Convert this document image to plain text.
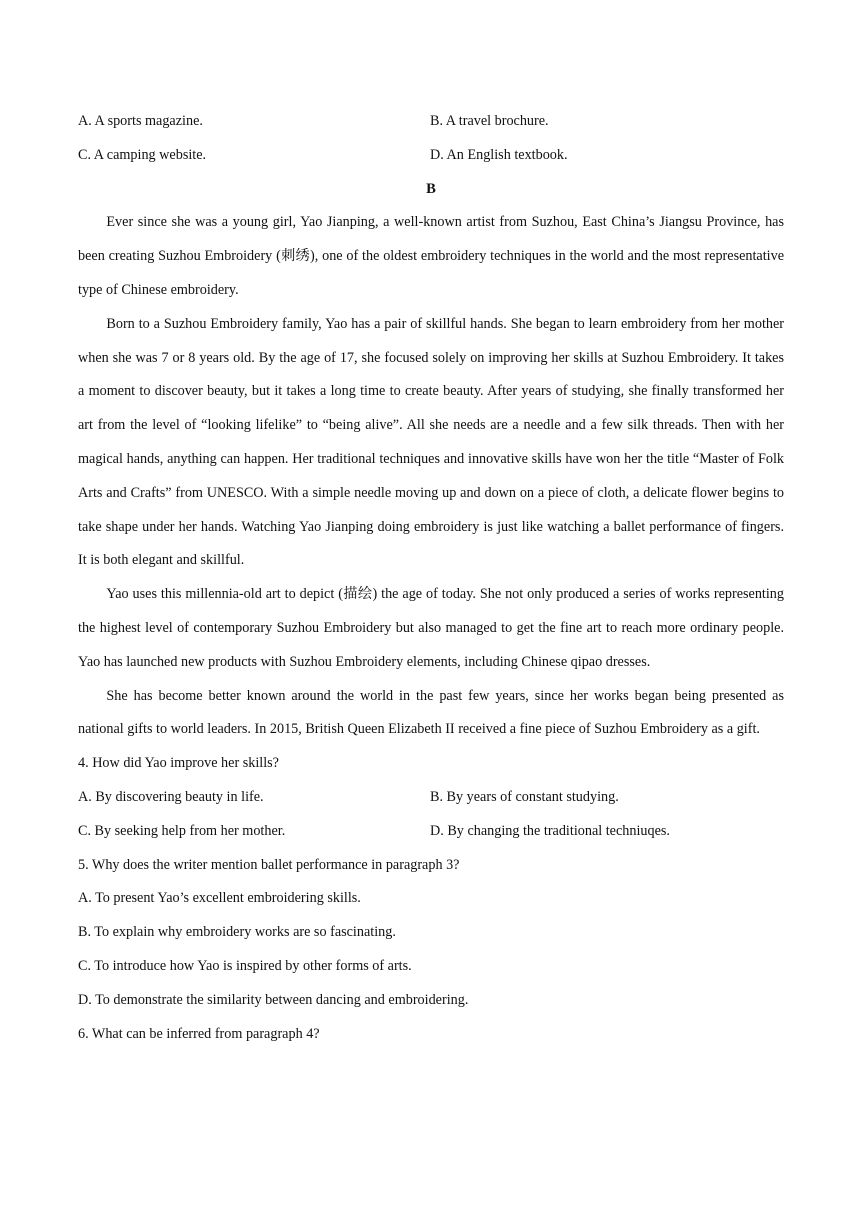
A. A sports magazine.	B. A travel brochure.
C. A camping website.	D. An English textbook.
B

Ever since she was a young girl, Yao Jianping, a well-known artist from Suzhou, East China’s Jiangsu Province, has been creating Suzhou Embroidery (刺绣), one of the oldest embroidery techniques in the world and the most representative type of Chinese embroidery.

Born to a Suzhou Embroidery family, Yao has a pair of skillful hands. She began to learn embroidery from her mother when she was 7 or 8 years old. By the age of 17, she focused solely on improving her skills at Suzhou Embroidery. It takes a moment to discover beauty, but it takes a long time to create beauty. After years of studying, she finally transformed her art from the level of “looking lifelike” to “being alive”. All she needs are a needle and a few silk threads. Then with her magical hands, anything can happen. Her traditional techniques and innovative skills have won her the title “Master of Folk Arts and Crafts” from UNESCO. With a simple needle moving up and down on a piece of cloth, a delicate flower begins to take shape under her hands. Watching Yao Jianping doing embroidery is just like watching a ballet performance of fingers. It is both elegant and skillful.

Yao uses this millennia-old art to depict (描绘) the age of today. She not only produced a series of works representing the highest level of contemporary Suzhou Embroidery but also managed to get the fine art to reach more ordinary people. Yao has launched new products with Suzhou Embroidery elements, including Chinese qipao dresses.

She has become better known around the world in the past few years, since her works began being presented as national gifts to world leaders. In 2015, British Queen Elizabeth II received a fine piece of Suzhou Embroidery as a gift.

4. How did Yao improve her skills?
A. By discovering beauty in life.	B. By years of constant studying.
C. By seeking help from her mother.	D. By changing the traditional techniuqes.
5. Why does the writer mention ballet performance in paragraph 3?
A. To present Yao’s excellent embroidering skills.
B. To explain why embroidery works are so fascinating.
C. To introduce how Yao is inspired by other forms of arts.
D. To demonstrate the similarity between dancing and embroidering.
6. What can be inferred from paragraph 4?
